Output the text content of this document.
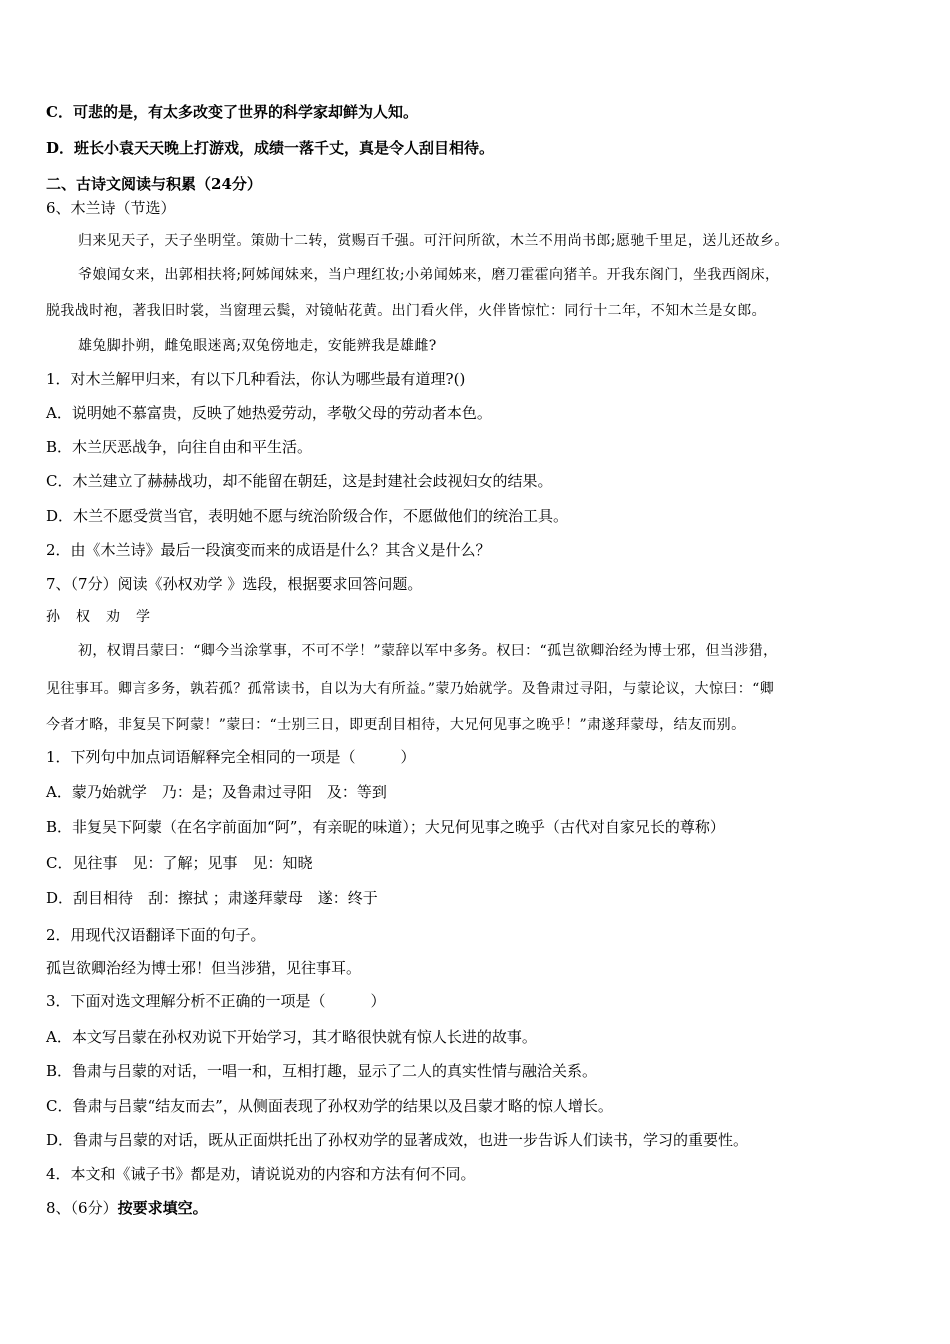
C．可悲的是，有太多改变了世界的科学家却鲜为人知。
D．班长小袁天天晚上打游戏，成绩一落千丈，真是令人刮目相待。
二、古诗文阅读与积累（24分）
6、木兰诗（节选）
归来见天子，天子坐明堂。策勋十二转，赏赐百千强。可汗问所欲，木兰不用尚书郎;愿驰千里足，送儿还故乡。
爷娘闻女来，出郭相扶将;阿姊闻妹来，当户理红妆;小弟闻姊来，磨刀霍霍向猪羊。开我东阁门，坐我西阁床，
脱我战时袍，著我旧时裳，当窗理云鬓，对镜帖花黄。出门看火伴，火伴皆惊忙：同行十二年，不知木兰是女郎。
雄兔脚扑朔，雌兔眼迷离;双兔傍地走，安能辨我是雄雌?
1．对木兰解甲归来，有以下几种看法，你认为哪些最有道理?()
A．说明她不慕富贵，反映了她热爱劳动，孝敬父母的劳动者本色。
B．木兰厌恶战争，向往自由和平生活。
C．木兰建立了赫赫战功，却不能留在朝廷，这是封建社会歧视妇女的结果。
D．木兰不愿受赏当官，表明她不愿与统治阶级合作，不愿做他们的统治工具。
2．由《木兰诗》最后一段演变而来的成语是什么？其含义是什么？
7、（7分）阅读《孙权劝学 》选段，根据要求回答问题。
孙权劝学
初，权谓吕蒙曰：“卿今当涂掌事，不可不学！”蒙辞以军中多务。权曰：“孤岂欲卿治经为博士邪，但当涉猎，
见往事耳。卿言多务，孰若孤？孤常读书，自以为大有所益。”蒙乃始就学。及鲁肃过寻阳，与蒙论议，大惊曰：“卿
今者才略，非复吴下阿蒙！”蒙曰：“士别三日，即更刮目相待，大兄何见事之晚乎！”肃遂拜蒙母，结友而别。
1．下列句中加点词语解释完全相同的一项是（　　　）
A．蒙乃始就学　乃：是；及鲁肃过寻阳　及：等到
B．非复吴下阿蒙（在名字前面加“阿”，有亲昵的味道）；大兄何见事之晚乎（古代对自家兄长的尊称）
C．见往事　见：了解；见事　见：知晓
D．刮目相待　刮：擦拭 ；肃遂拜蒙母　遂：终于
2．用现代汉语翻译下面的句子。
孤岂欲卿治经为博士邪！但当涉猎，见往事耳。
3．下面对选文理解分析不正确的一项是（　　　）
A．本文写吕蒙在孙权劝说下开始学习，其才略很快就有惊人长进的故事。
B．鲁肃与吕蒙的对话，一唱一和，互相打趣，显示了二人的真实性情与融洽关系。
C．鲁肃与吕蒙“结友而去”，从侧面表现了孙权劝学的结果以及吕蒙才略的惊人增长。
D．鲁肃与吕蒙的对话，既从正面烘托出了孙权劝学的显著成效，也进一步告诉人们读书，学习的重要性。
4．本文和《诫子书》都是劝，请说说劝的内容和方法有何不同。
8、（6分）按要求填空。
